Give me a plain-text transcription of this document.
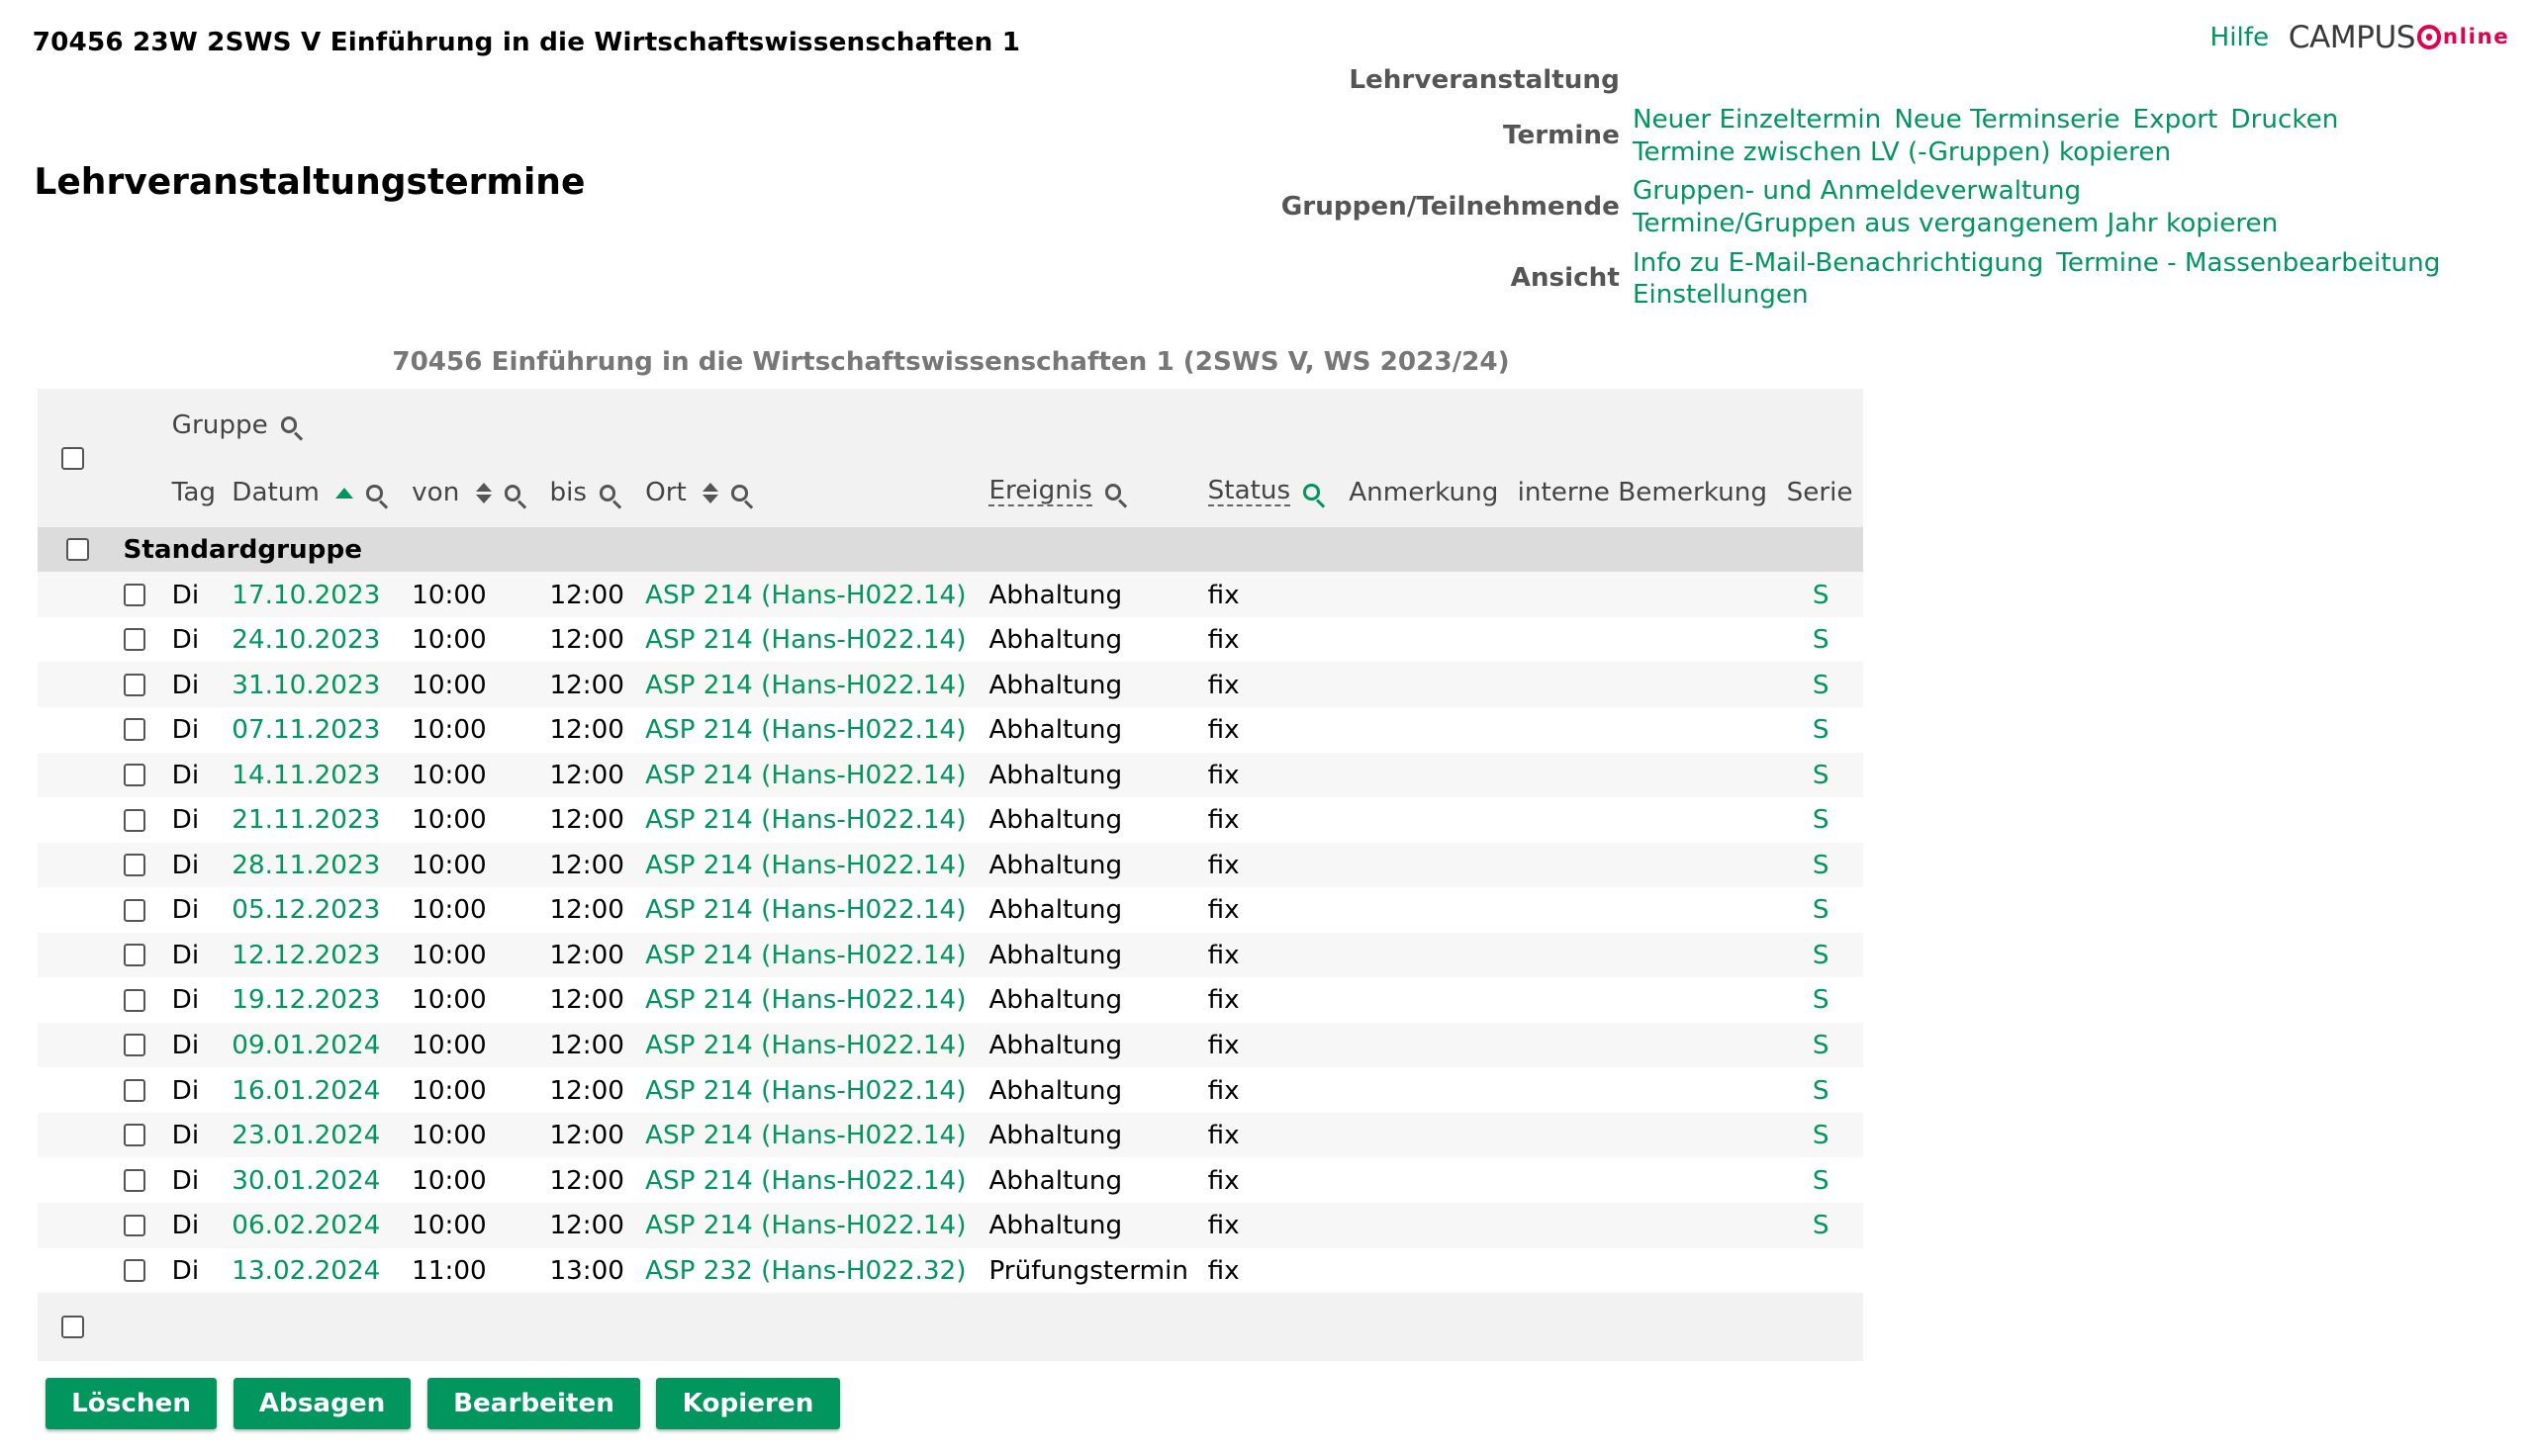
70456 23W 2SWS V Einführung in die Wirtschaftswissenschaften 1	Hilfe CAMPUS nline
Lehrveranstaltungstermine
Lehrveranstaltung
Termine
Neuer Einzeltermin Neue Terminserie Export Drucken
Termine zwischen LV (-Gruppen) kopieren
Gruppen/Teilnehmende
Gruppen- und Anmeldeverwaltung
Termine/Gruppen aus vergangenem Jahr kopieren
Ansicht
Info zu E-Mail-Benachrichtigung Termine - Massenbearbeitung
Einstellungen
70456 Einführung in die Wirtschaftswissenschaften 1 (2SWS V, WS 2023/24)
Gruppe
Tag Datum	von	bis	Ort	Ereignis	Status	Anmerkung interne Bemerkung Serie
Standardgruppe
Di 17.10.2023 10:00	12:00 ASP 214 (Hans-H022.14) Abhaltung	fix	S
Di 24.10.2023 10:00	12:00 ASP 214 (Hans-H022.14) Abhaltung	fix	S
Di 31.10.2023 10:00	12:00 ASP 214 (Hans-H022.14) Abhaltung	fix	S
Di 07.11.2023 10:00	12:00 ASP 214 (Hans-H022.14) Abhaltung	fix	S
Di 14.11.2023 10:00	12:00 ASP 214 (Hans-H022.14) Abhaltung	fix	S
Di 21.11.2023 10:00	12:00 ASP 214 (Hans-H022.14) Abhaltung	fix	S
Di 28.11.2023 10:00	12:00 ASP 214 (Hans-H022.14) Abhaltung	fix	S
Di 05.12.2023 10:00	12:00 ASP 214 (Hans-H022.14) Abhaltung	fix	S
Di 12.12.2023 10:00	12:00 ASP 214 (Hans-H022.14) Abhaltung	fix	S
Di 19.12.2023 10:00	12:00 ASP 214 (Hans-H022.14) Abhaltung	fix	S
Di 09.01.2024 10:00	12:00 ASP 214 (Hans-H022.14) Abhaltung	fix	S
Di 16.01.2024 10:00	12:00 ASP 214 (Hans-H022.14) Abhaltung	fix	S
Di 23.01.2024 10:00	12:00 ASP 214 (Hans-H022.14) Abhaltung	fix	S
Di 30.01.2024 10:00	12:00 ASP 214 (Hans-H022.14) Abhaltung	fix	S
Di 06.02.2024 10:00	12:00 ASP 214 (Hans-H022.14) Abhaltung	fix	S
Di 13.02.2024 11:00	13:00 ASP 232 (Hans-H022.32) Prüfungstermin fix
Löschen	Absagen	Bearbeiten	Kopieren
